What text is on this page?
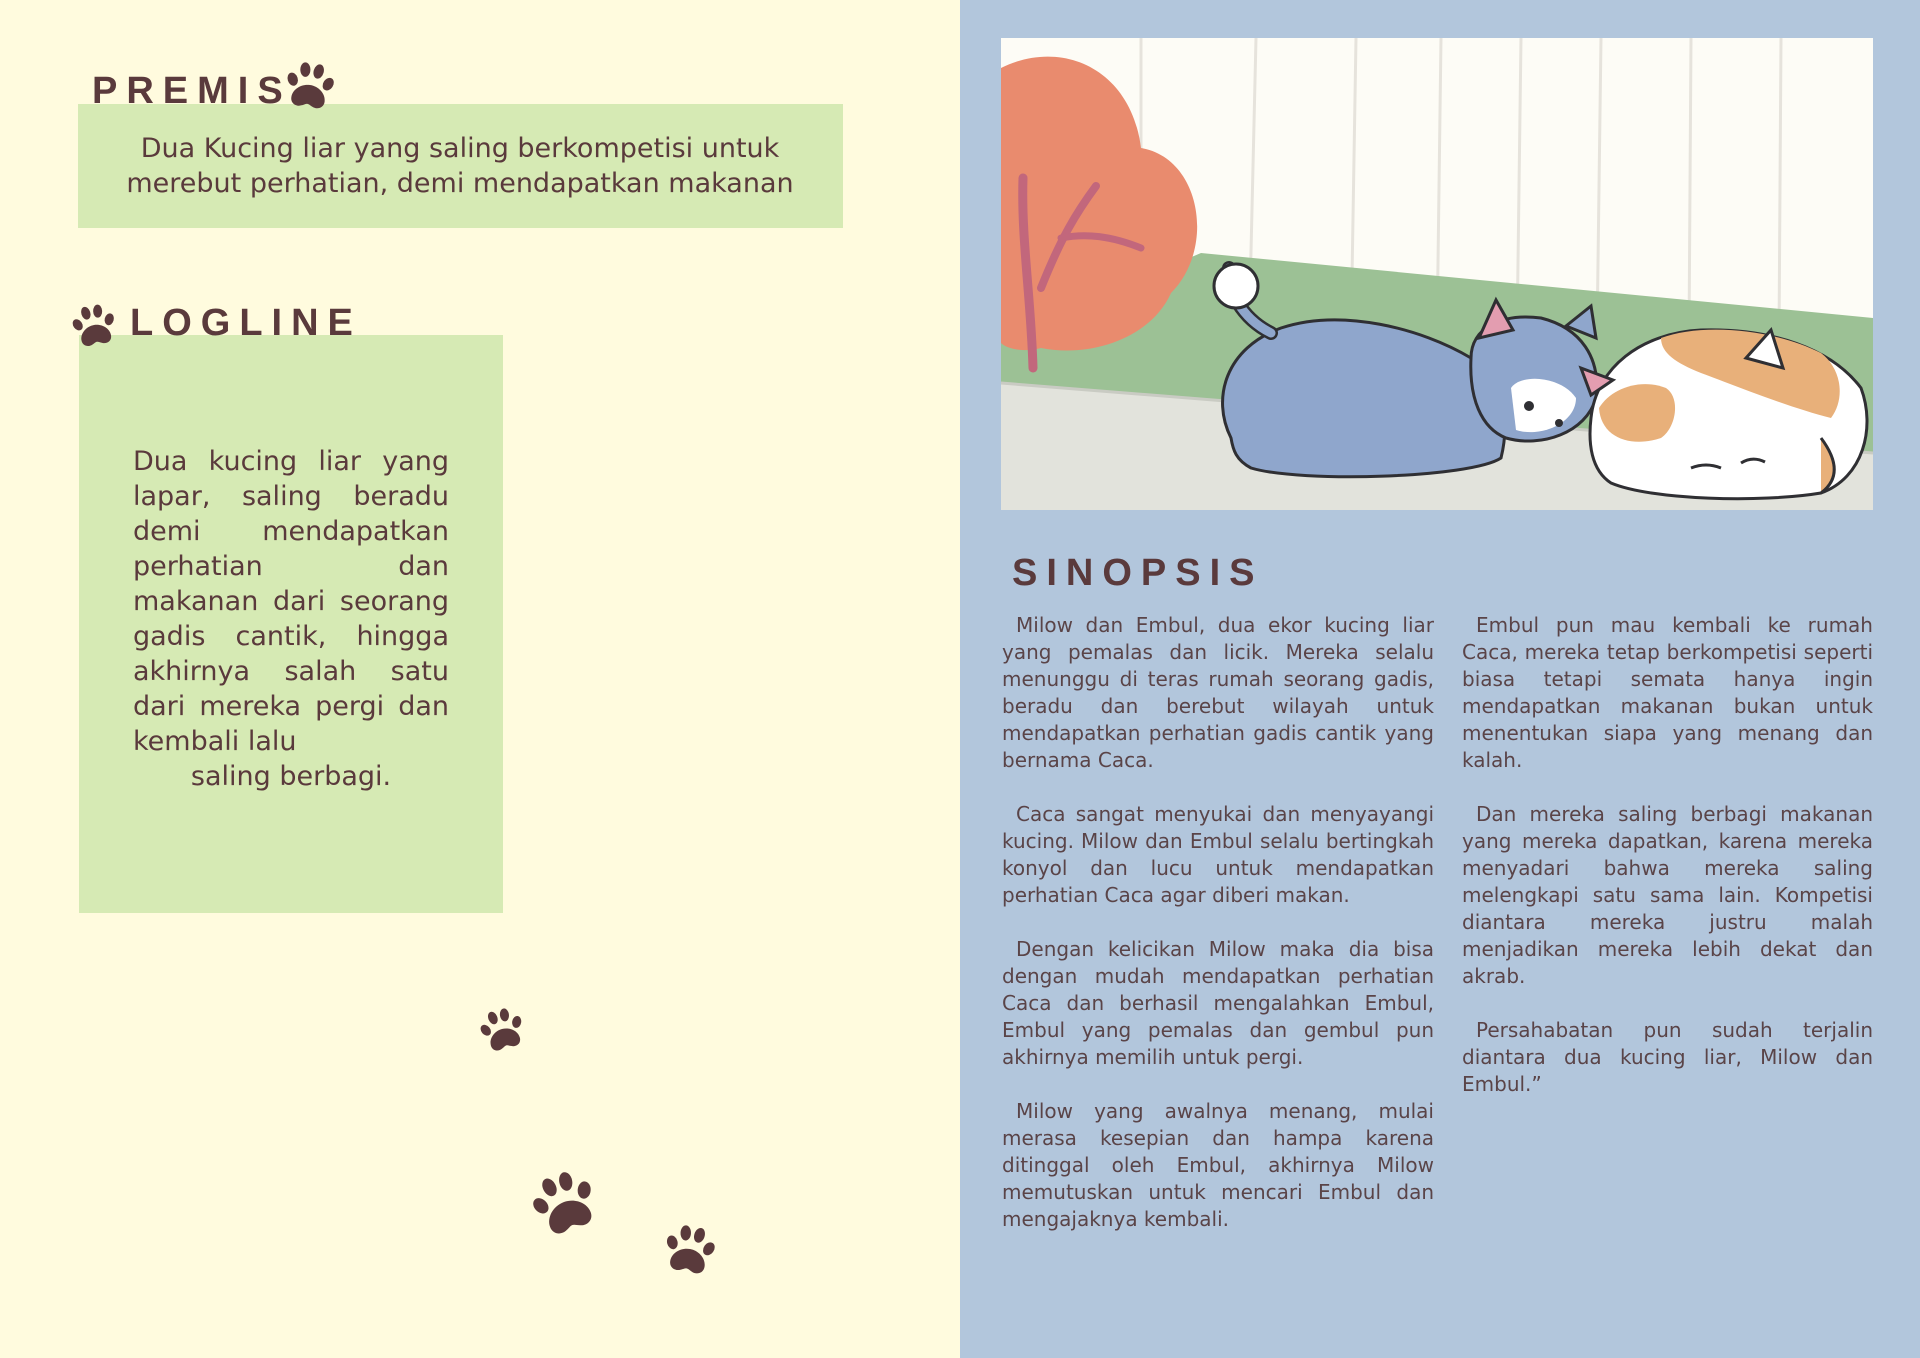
PREMIS
Dua Kucing liar yang saling berkompetisi untuk merebut perhatian, demi mendapatkan makanan
LOGLINE
Dua kucing liar yang lapar, saling beradu demi mendapatkan perhatian dan makanan dari seorang gadis cantik, hingga akhirnya salah satu dari mereka pergi dan kembali lalu
saling berbagi.
SINOPSIS

Milow dan Embul, dua ekor kucing liar yang pemalas dan licik. Mereka selalu menunggu di teras rumah seorang gadis, beradu dan berebut wilayah untuk mendapatkan perhatian gadis cantik yang bernama Caca.

Caca sangat menyukai dan menyayangi kucing. Milow dan Embul selalu bertingkah konyol dan lucu untuk mendapatkan perhatian Caca agar diberi makan.

Dengan kelicikan Milow maka dia bisa dengan mudah mendapatkan perhatian Caca dan berhasil mengalahkan Embul, Embul yang pemalas dan gembul pun akhirnya memilih untuk pergi.

Milow yang awalnya menang, mulai merasa kesepian dan hampa karena ditinggal oleh Embul, akhirnya Milow memutuskan untuk mencari Embul dan mengajaknya kembali.

Embul pun mau kembali ke rumah Caca, mereka tetap berkompetisi seperti biasa tetapi semata hanya ingin mendapatkan makanan bukan untuk menentukan siapa yang menang dan kalah.

Dan mereka saling berbagi makanan yang mereka dapatkan, karena mereka menyadari bahwa mereka saling melengkapi satu sama lain. Kompetisi diantara mereka justru malah menjadikan mereka lebih dekat dan akrab.

Persahabatan pun sudah terjalin diantara dua kucing liar, Milow dan Embul.”
